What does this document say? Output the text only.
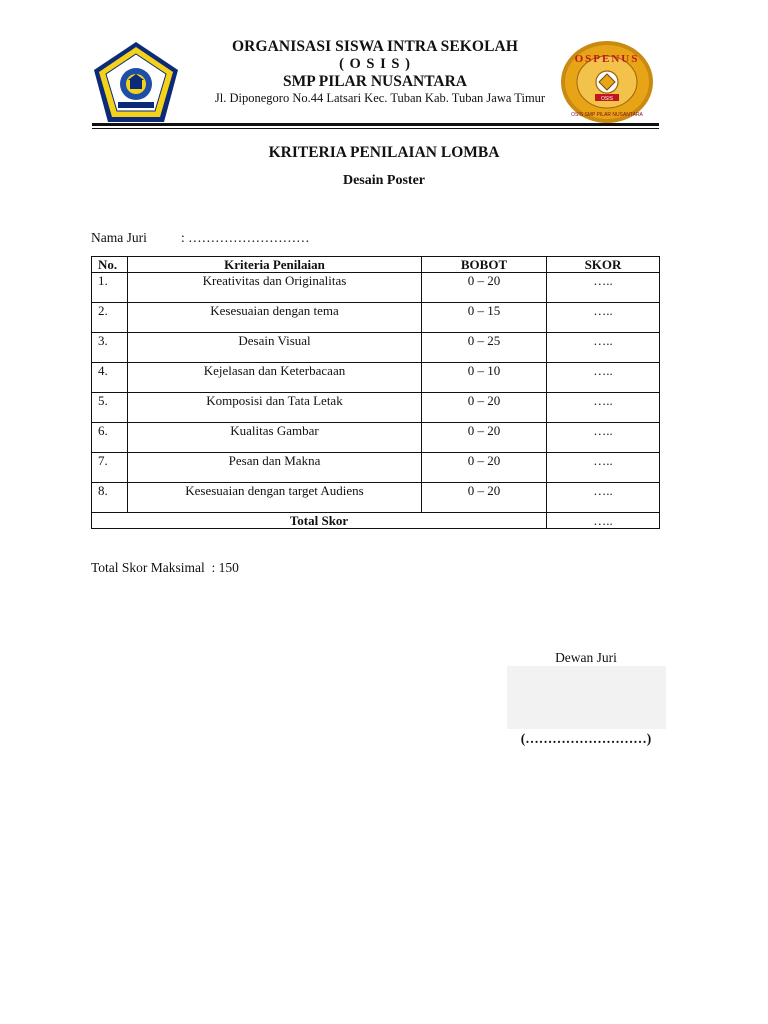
ORGANISASI SISWA INTRA SEKOLAH
( O S I S )
SMP PILAR NUSANTARA
Jl. Diponegoro No.44 Latsari Kec. Tuban Kab. Tuban Jawa Timur
OSPENUS
OSIS
OSIS SMP PILAR NUSANTARA
KRITERIA PENILAIAN LOMBA
Desain Poster
Nama Juri	: ………………………
No.	Kriteria Penilaian	BOBOT	SKOR
1.	Kreativitas dan Originalitas	0 – 20	…..
2.	Kesesuaian dengan tema	0 – 15	…..
3.	Desain Visual	0 – 25	…..
4.	Kejelasan dan Keterbacaan	0 – 10	…..
5.	Komposisi dan Tata Letak	0 – 20	…..
6.	Kualitas Gambar	0 – 20	…..
7.	Pesan dan Makna	0 – 20	…..
8.	Kesesuaian dengan target Audiens	0 – 20	…..
Total Skor			…..
Total Skor Maksimal : 150
Dewan Juri
(………………………)
